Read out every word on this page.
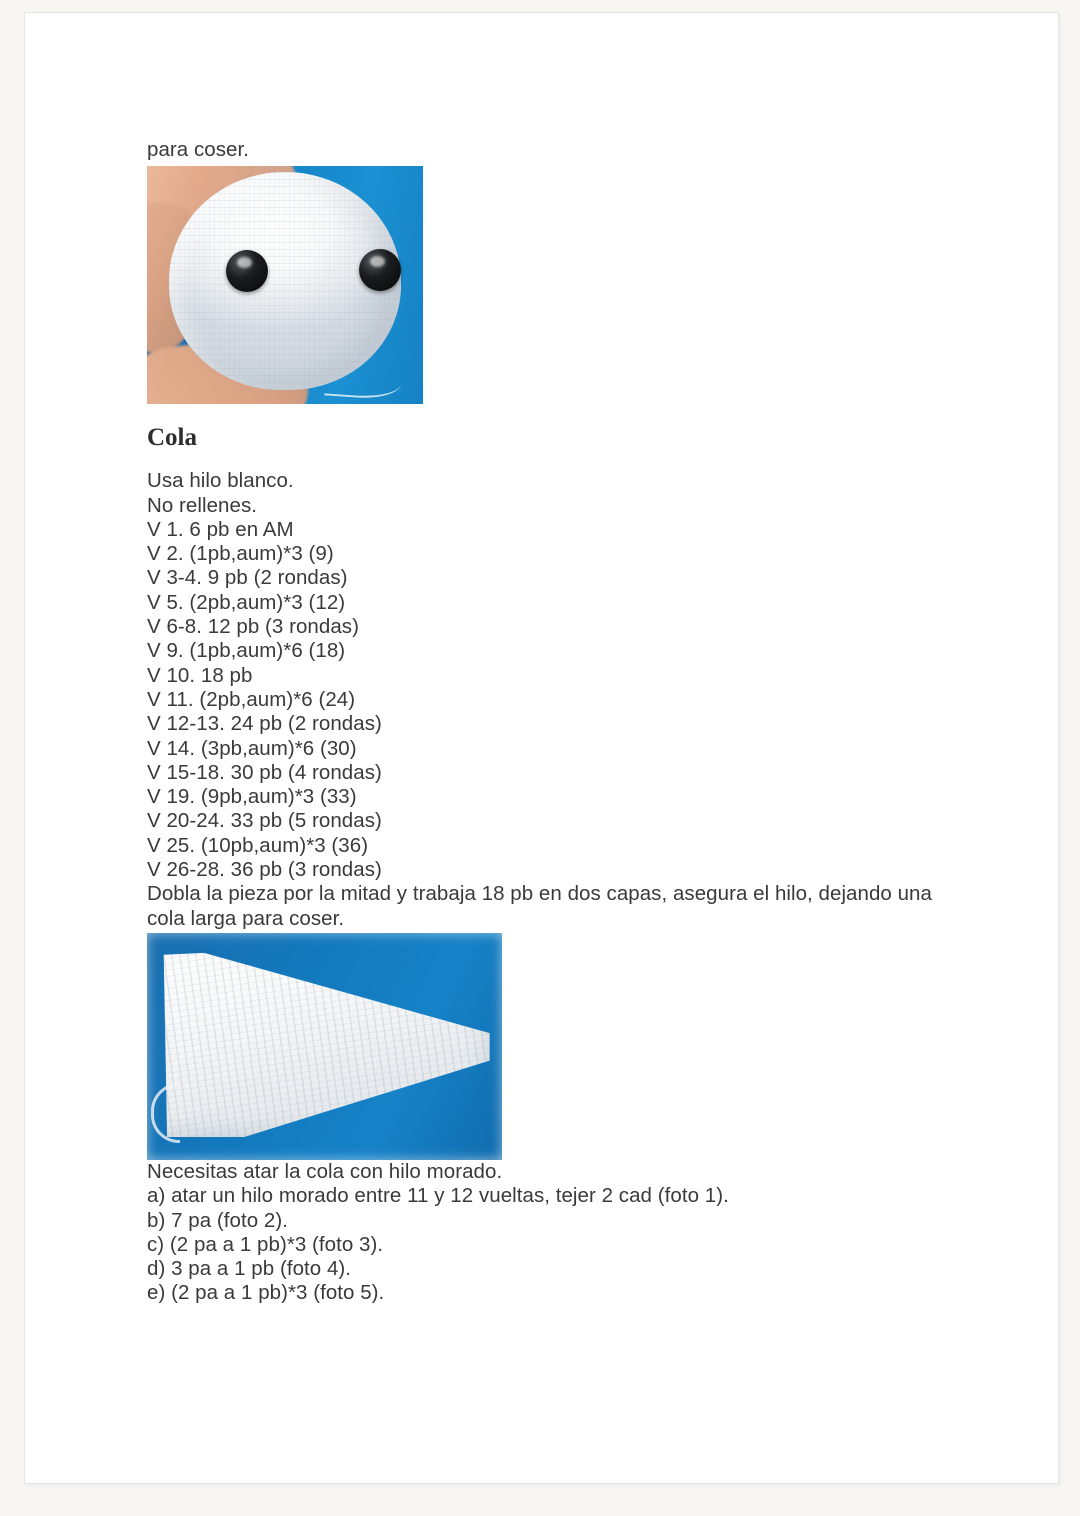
para coser.
Cola
Usa hilo blanco.
No rellenes.
V 1. 6 pb en AM
V 2. (1pb,aum)*3 (9)
V 3-4. 9 pb (2 rondas)
V 5. (2pb,aum)*3 (12)
V 6-8. 12 pb (3 rondas)
V 9. (1pb,aum)*6 (18)
V 10. 18 pb
V 11. (2pb,aum)*6 (24)
V 12-13. 24 pb (2 rondas)
V 14. (3pb,aum)*6 (30)
V 15-18. 30 pb (4 rondas)
V 19. (9pb,aum)*3 (33)
V 20-24. 33 pb (5 rondas)
V 25. (10pb,aum)*3 (36)
V 26-28. 36 pb (3 rondas)
Dobla la pieza por la mitad y trabaja 18 pb en dos capas, asegura el hilo, dejando una cola larga para coser.
Necesitas atar la cola con hilo morado.
a) atar un hilo morado entre 11 y 12 vueltas, tejer 2 cad (foto 1).
b) 7 pa (foto 2).
c) (2 pa a 1 pb)*3 (foto 3).
d) 3 pa a 1 pb (foto 4).
e) (2 pa a 1 pb)*3 (foto 5).
